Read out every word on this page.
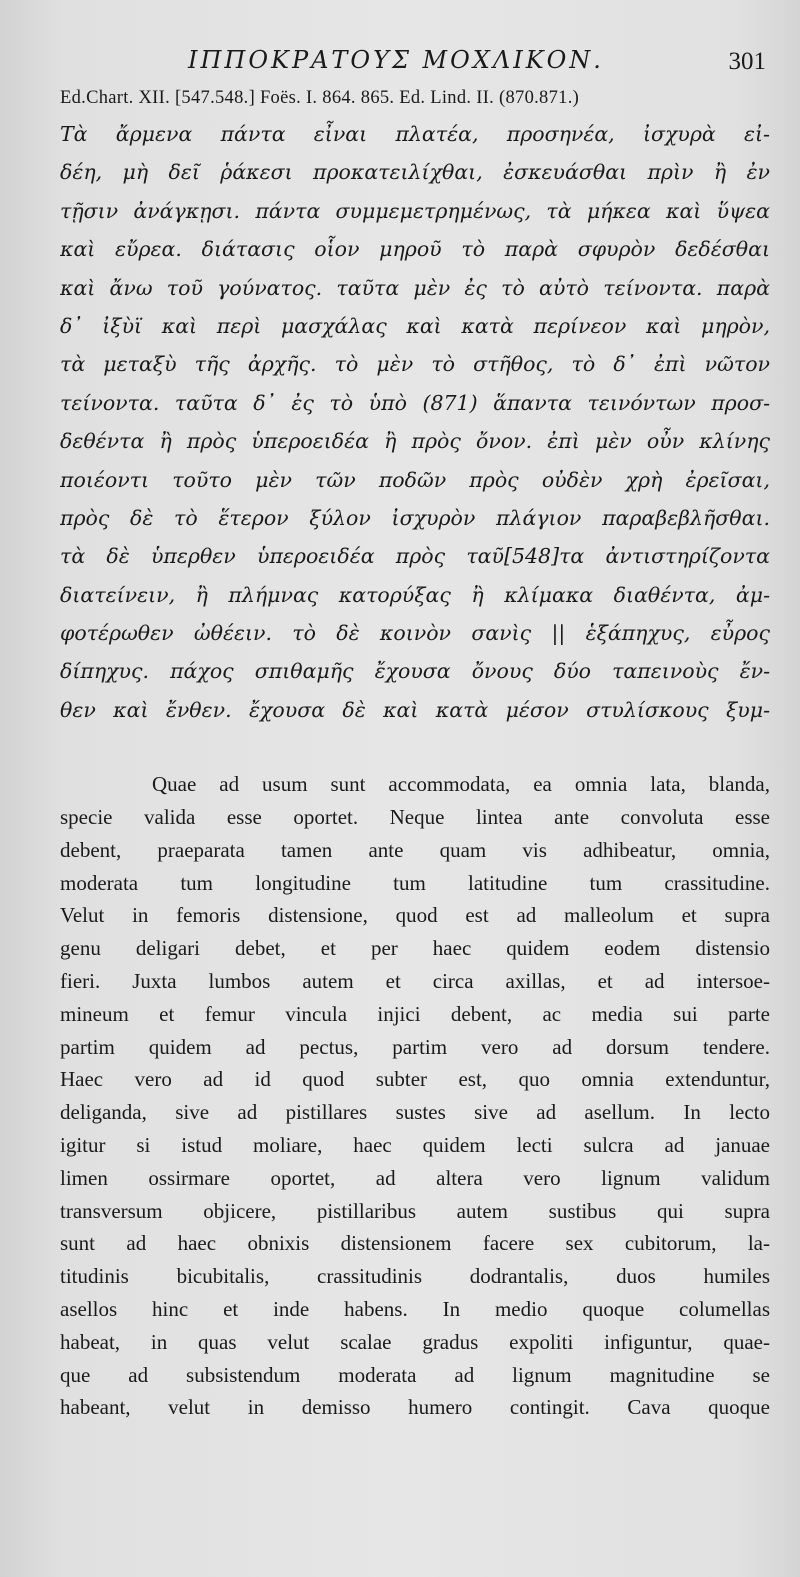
ΙΠΠΟΚΡΑΤΟΥΣ ΜΟΧΛΙΚΟΝ.	301
Ed.Chart. XII. [547.548.] Foës. I. 864. 865. Ed. Lind. II. (870.871.)
Τὰ ἄρμενα πάντα εἶναι πλατέα, προσηνέα, ἰσχυρὰ εἰ-
δέη, μὴ δεῖ ῥάκεσι προκατειλίχθαι, ἐσκευάσθαι πρὶν ἢ ἐν
τῇσιν ἀνάγκῃσι. πάντα συμμεμετρημένως, τὰ μήκεα καὶ ὕψεα
καὶ εὔρεα. διάτασις οἷον μηροῦ τὸ παρὰ σφυρὸν δεδέσθαι
καὶ ἄνω τοῦ γούνατος. ταῦτα μὲν ἐς τὸ αὐτὸ τείνοντα. παρὰ
δ᾽ ἰξὺϊ καὶ περὶ μασχάλας καὶ κατὰ περίνεον καὶ μηρὸν,
τὰ μεταξὺ τῆς ἀρχῆς. τὸ μὲν τὸ στῆθος, τὸ δ᾽ ἐπὶ νῶτον
τείνοντα. ταῦτα δ᾽ ἐς τὸ ὑπὸ (871) ἅπαντα τεινόντων προσ-
δεθέντα ἢ πρὸς ὑπεροειδέα ἢ πρὸς ὄνον. ἐπὶ μὲν οὖν κλίνης
ποιέοντι τοῦτο μὲν τῶν ποδῶν πρὸς οὐδὲν χρὴ ἐρεῖσαι,
πρὸς δὲ τὸ ἕτερον ξύλον ἰσχυρὸν πλάγιον παραβεβλῆσθαι.
τὰ δὲ ὑπερθεν ὑπεροειδέα πρὸς ταῦ[548]τα ἀντιστηρίζοντα
διατείνειν, ἢ πλήμνας κατορύξας ἢ κλίμακα διαθέντα, ἀμ-
φοτέρωθεν ὠθέειν. τὸ δὲ κοινὸν σανὶς || ἑξάπηχυς, εὖρος
δίπηχυς. πάχος σπιθαμῆς ἔχουσα ὄνους δύο ταπεινοὺς ἔν-
θεν καὶ ἔνθεν. ἔχουσα δὲ καὶ κατὰ μέσον στυλίσκους ξυμ-
Quae ad usum sunt accommodata, ea omnia lata, blanda,
specie valida esse oportet. Neque lintea ante convoluta esse
debent, praeparata tamen ante quam vis adhibeatur, omnia,
moderata tum longitudine tum latitudine tum crassitudine.
Velut in femoris distensione, quod est ad malleolum et supra
genu deligari debet, et per haec quidem eodem distensio
fieri. Juxta lumbos autem et circa axillas, et ad intersoe-
mineum et femur vincula injici debent, ac media sui parte
partim quidem ad pectus, partim vero ad dorsum tendere.
Haec vero ad id quod subter est, quo omnia extenduntur,
deliganda, sive ad pistillares sustes sive ad asellum. In lecto
igitur si istud moliare, haec quidem lecti sulcra ad januae
limen ossirmare oportet, ad altera vero lignum validum
transversum objicere, pistillaribus autem sustibus qui supra
sunt ad haec obnixis distensionem facere sex cubitorum, la-
titudinis bicubitalis, crassitudinis dodrantalis, duos humiles
asellos hinc et inde habens. In medio quoque columellas
habeat, in quas velut scalae gradus expoliti infiguntur, quae-
que ad subsistendum moderata ad lignum magnitudine se
habeant, velut in demisso humero contingit. Cava quoque
